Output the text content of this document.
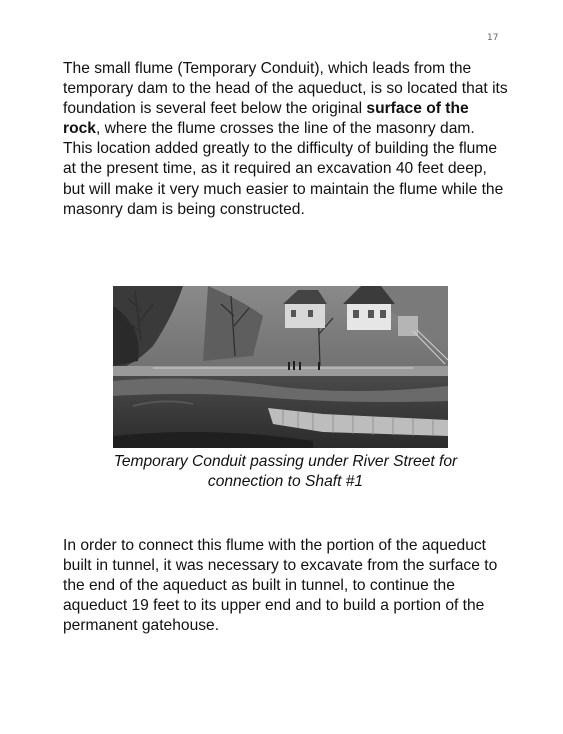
17

The small flume (Temporary Conduit), which leads from the temporary dam to the head of the aqueduct, is so located that its foundation is several feet below the original surface of the rock, where the flume crosses the line of the masonry dam. This location added greatly to the difficulty of building the flume at the present time, as it required an excavation 40 feet deep, but will make it very much easier to maintain the flume while the masonry dam is being constructed.

Temporary Conduit passing under River Street for
connection to Shaft #1

In order to connect this flume with the portion of the aqueduct built in tunnel, it was necessary to excavate from the surface to the end of the aqueduct as built in tunnel, to continue the aqueduct 19 feet to its upper end and to build a portion of the permanent gatehouse.
